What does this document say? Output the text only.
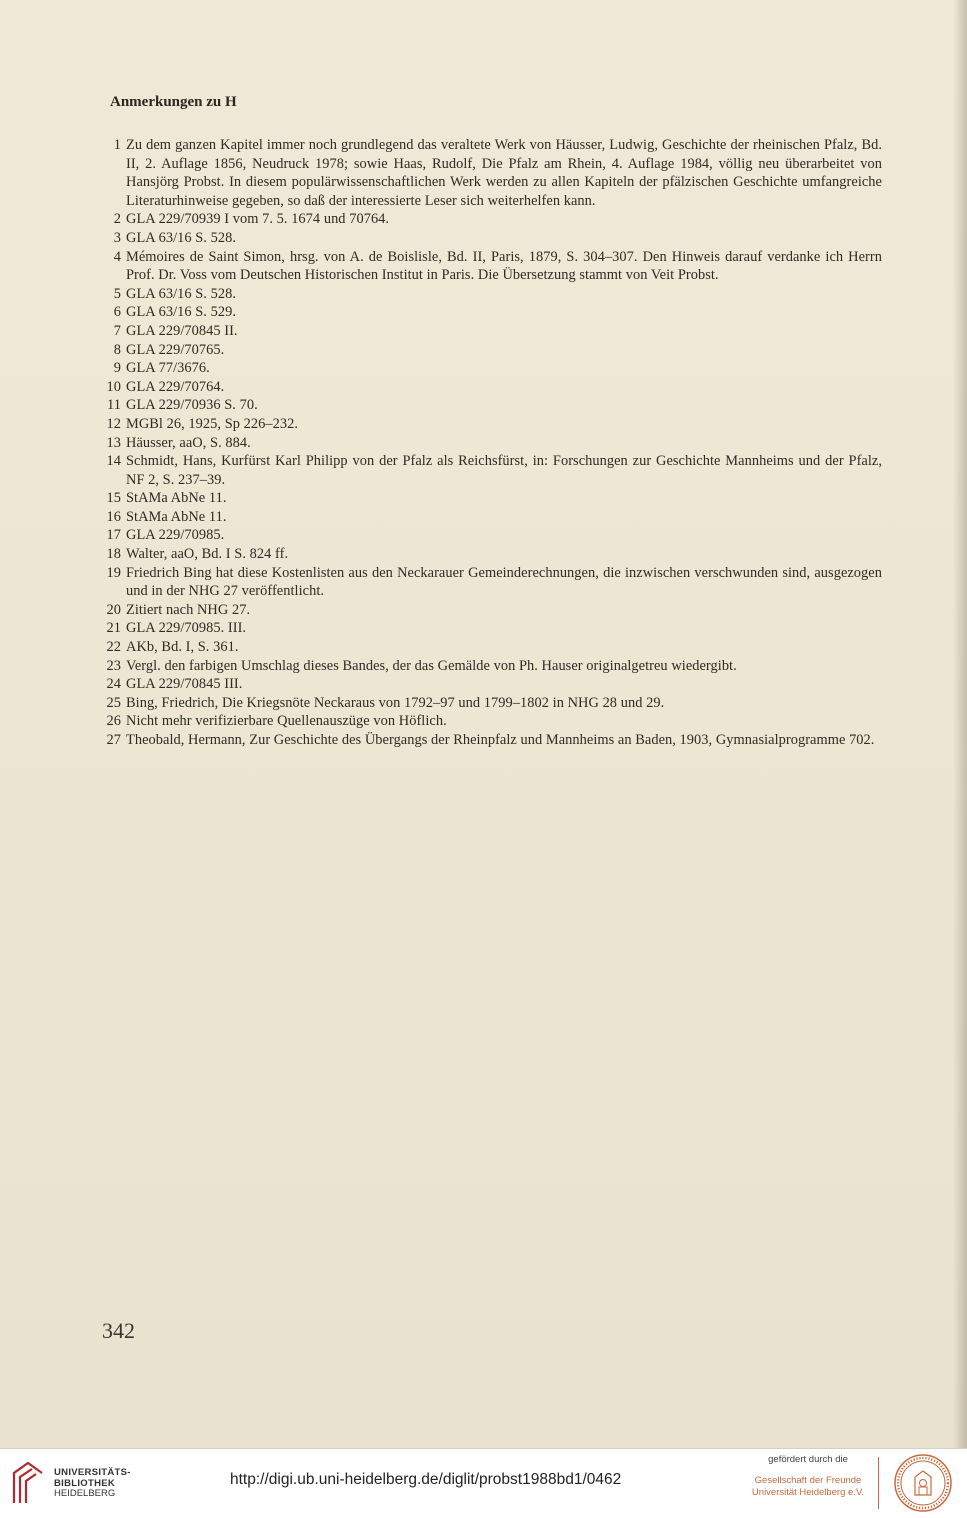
Anmerkungen zu H
1 Zu dem ganzen Kapitel immer noch grundlegend das veraltete Werk von Häusser, Ludwig, Geschichte der rheinischen Pfalz, Bd. II, 2. Auflage 1856, Neudruck 1978; sowie Haas, Rudolf, Die Pfalz am Rhein, 4. Auflage 1984, völlig neu überarbeitet von Hansjörg Probst. In diesem populärwissenschaftlichen Werk werden zu allen Kapiteln der pfälzischen Geschichte umfangreiche Literaturhinweise gegeben, so daß der interessierte Leser sich weiterhelfen kann.
2 GLA 229/70939 I vom 7. 5. 1674 und 70764.
3 GLA 63/16 S. 528.
4 Mémoires de Saint Simon, hrsg. von A. de Boislisle, Bd. II, Paris, 1879, S. 304–307. Den Hinweis darauf verdanke ich Herrn Prof. Dr. Voss vom Deutschen Historischen Institut in Paris. Die Übersetzung stammt von Veit Probst.
5 GLA 63/16 S. 528.
6 GLA 63/16 S. 529.
7 GLA 229/70845 II.
8 GLA 229/70765.
9 GLA 77/3676.
10 GLA 229/70764.
11 GLA 229/70936 S. 70.
12 MGBl 26, 1925, Sp 226–232.
13 Häusser, aaO, S. 884.
14 Schmidt, Hans, Kurfürst Karl Philipp von der Pfalz als Reichsfürst, in: Forschungen zur Geschichte Mannheims und der Pfalz, NF 2, S. 237–39.
15 StAMa AbNe 11.
16 StAMa AbNe 11.
17 GLA 229/70985.
18 Walter, aaO, Bd. I S. 824 ff.
19 Friedrich Bing hat diese Kostenlisten aus den Neckarauer Gemeinderechnungen, die inzwischen verschwunden sind, ausgezogen und in der NHG 27 veröffentlicht.
20 Zitiert nach NHG 27.
21 GLA 229/70985. III.
22 AKb, Bd. I, S. 361.
23 Vergl. den farbigen Umschlag dieses Bandes, der das Gemälde von Ph. Hauser originalgetreu wiedergibt.
24 GLA 229/70845 III.
25 Bing, Friedrich, Die Kriegsnöte Neckaraus von 1792–97 und 1799–1802 in NHG 28 und 29.
26 Nicht mehr verifizierbare Quellenauszüge von Höflich.
27 Theobald, Hermann, Zur Geschichte des Übergangs der Rheinpfalz und Mannheims an Baden, 1903, Gymnasialprogramme 702.
342
UNIVERSITÄTS-
BIBLIOTHEK
HEIDELBERG
http://digi.ub.uni-heidelberg.de/diglit/probst1988bd1/0462
gefördert durch die
Gesellschaft der Freunde
Universität Heidelberg e.V.
